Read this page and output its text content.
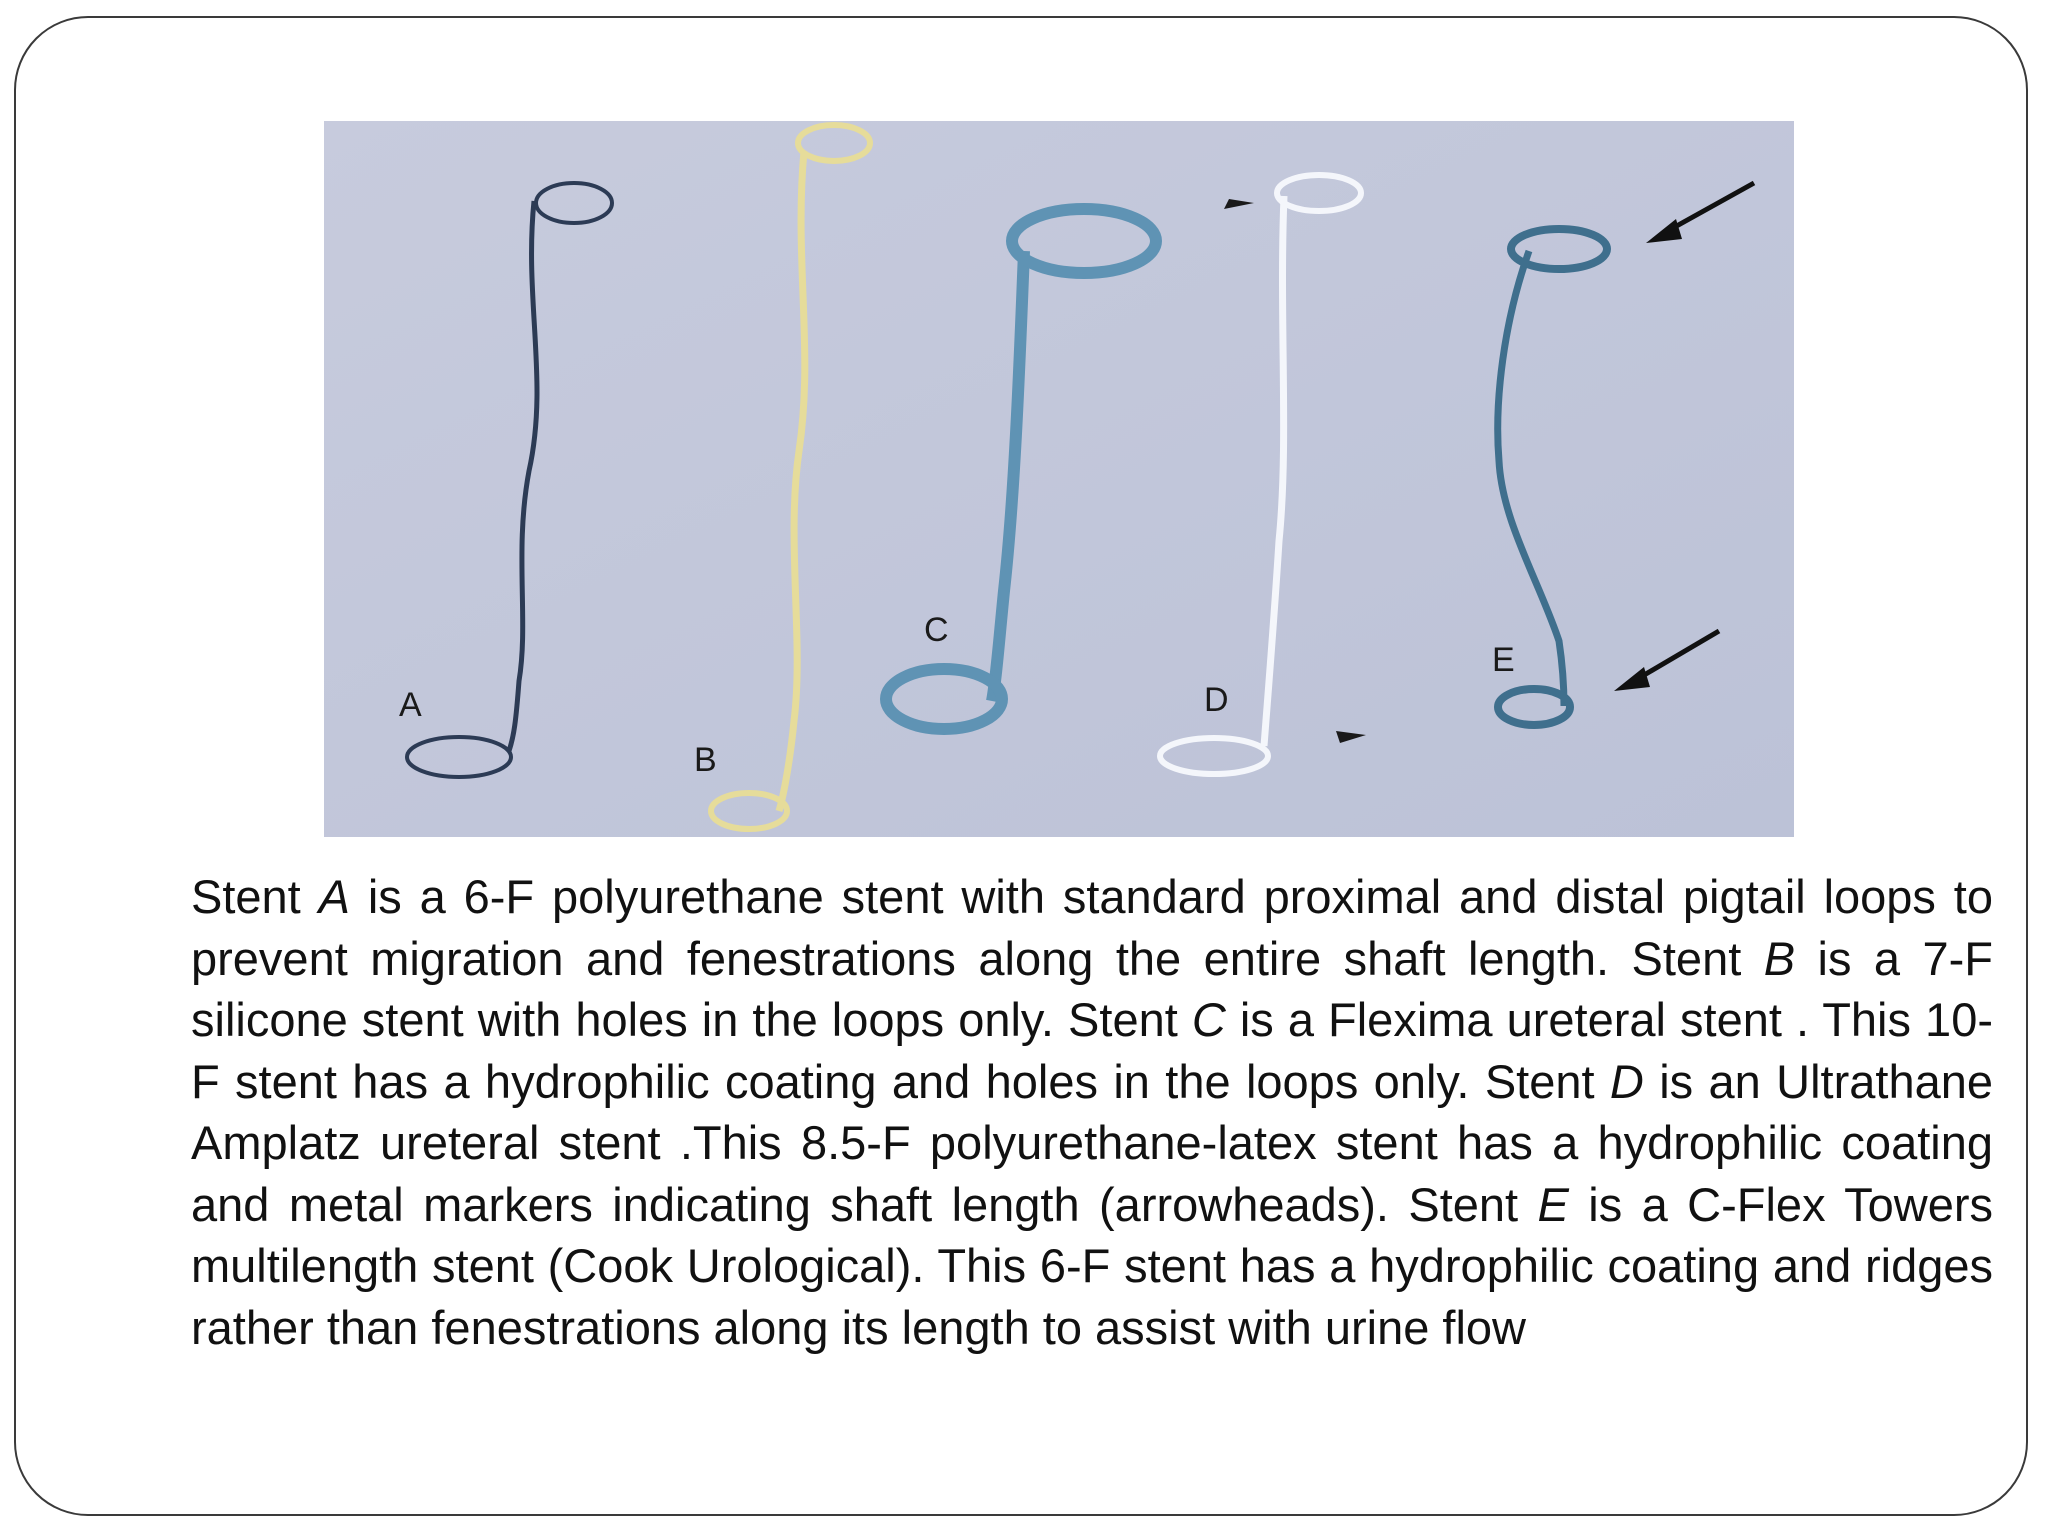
A
B
C
D
E

Stent A is a 6-F polyurethane stent with standard proximal and distal pigtail loops to prevent migration and fenestrations along the entire shaft length. Stent B is a 7-F silicone stent with holes in the loops only. Stent C is a Flexima ureteral stent . This 10-F stent has a hydrophilic coating and holes in the loops only. Stent D is an Ultrathane Amplatz ureteral stent .This 8.5-F polyurethane-latex stent has a hydrophilic coating and metal markers indicating shaft length (arrowheads). Stent E is a C-Flex Towers multilength stent (Cook Urological). This 6-F stent has a hydrophilic coating and ridges rather than fenestrations along its length to assist with urine flow
